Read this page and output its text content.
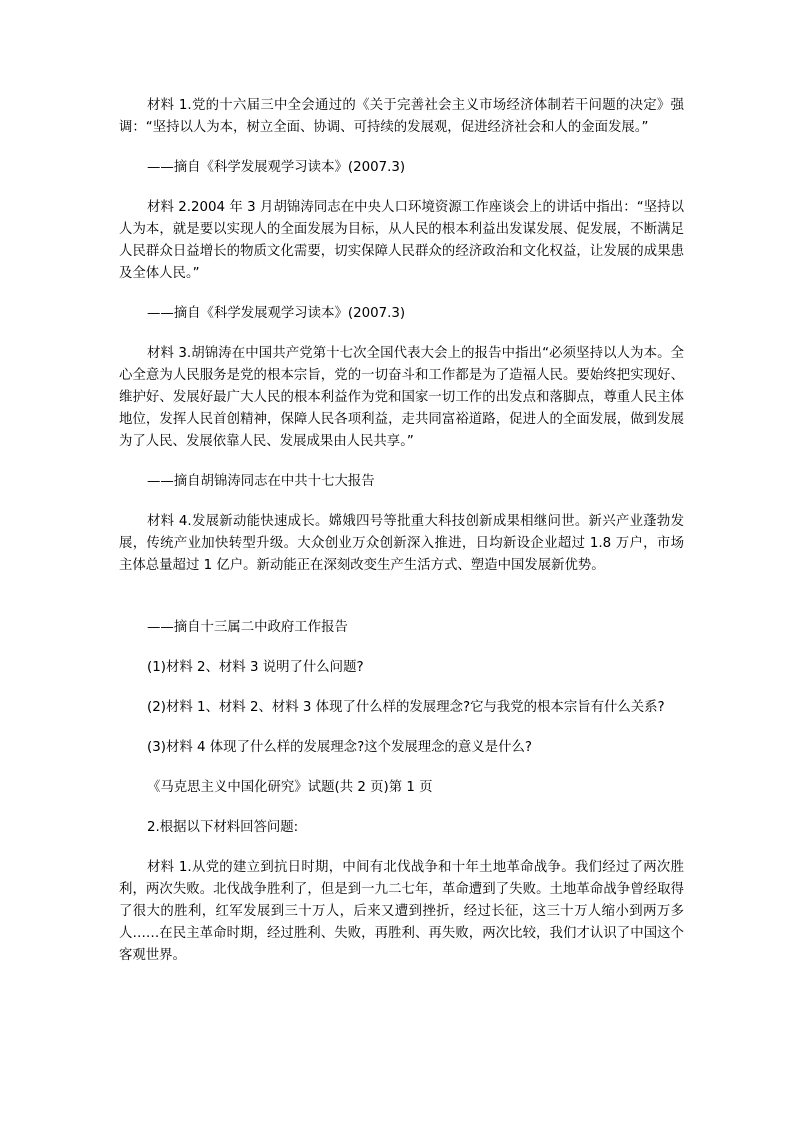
材料 1.党的十六届三中全会通过的《关于完善社会主义市场经济体制若干问题的决定》强调：“坚持以人为本，树立全面、协调、可持续的发展观，促进经济社会和人的金面发展。”

——摘自《科学发展观学习读本》(2007.3)

材料 2.2004 年 3 月胡锦涛同志在中央人口环境资源工作座谈会上的讲话中指出：“坚持以人为本，就是要以实现人的全面发展为目标，从人民的根本利益出发谋发展、促发展，不断满足人民群众日益增长的物质文化需要，切实保障人民群众的经济政治和文化权益，让发展的成果患及全体人民。”

——摘自《科学发展观学习读本》(2007.3)

材料 3.胡锦涛在中国共产党第十七次全国代表大会上的报告中指出“必须坚持以人为本。全心全意为人民服务是党的根本宗旨，党的一切奋斗和工作都是为了造福人民。要始终把实现好、维护好、发展好最广大人民的根本利益作为党和国家一切工作的出发点和落脚点，尊重人民主体地位，发挥人民首创精神，保障人民各项利益，走共同富裕道路，促进人的全面发展，做到发展为了人民、发展依靠人民、发展成果由人民共享。”

——摘自胡锦涛同志在中共十七大报告

材料 4.发展新动能快速成长。嫦娥四号等批重大科技创新成果相继问世。新兴产业蓬勃发展，传统产业加快转型升级。大众创业万众创新深入推进，日均新设企业超过 1.8 万户，市场主体总量超过 1 亿户。新动能正在深刻改变生产生活方式、塑造中国发展新优势。

——摘自十三属二中政府工作报告

(1)材料 2、材料 3 说明了什么问题?

(2)材料 1、材料 2、材料 3 体现了什么样的发展理念?它与我党的根本宗旨有什么关系?

(3)材料 4 体现了什么样的发展理念?这个发展理念的意义是什么?

《马克思主义中国化研究》试题(共 2 页)第 1 页

2.根据以下材料回答问题:

材料 1.从党的建立到抗日时期，中间有北伐战争和十年土地革命战争。我们经过了两次胜利，两次失败。北伐战争胜利了，但是到一九二七年，革命遭到了失败。土地革命战争曾经取得了很大的胜利，红军发展到三十万人，后来又遭到挫折，经过长征，这三十万人缩小到两万多人……在民主革命时期，经过胜利、失败，再胜利、再失败，两次比较，我们才认识了中国这个客观世界。
